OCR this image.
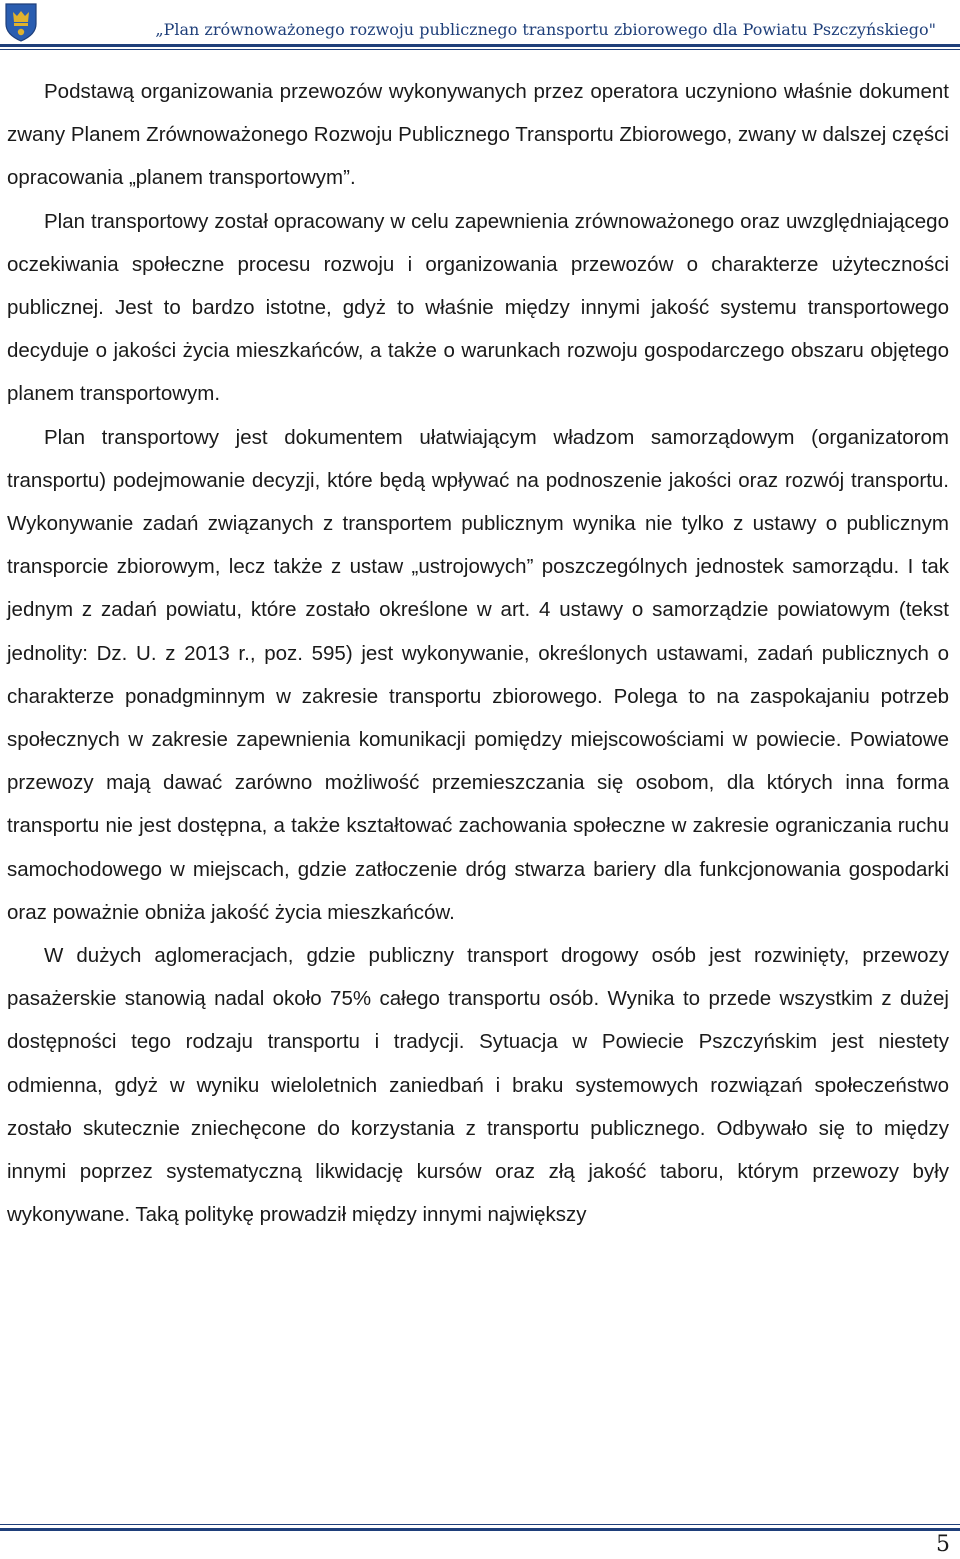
„Plan zrównoważonego rozwoju publicznego transportu zbiorowego dla Powiatu Pszczyńskiego"

Podstawą organizowania przewozów wykonywanych przez operatora uczyniono właśnie dokument zwany Planem Zrównoważonego Rozwoju Publicznego Transportu Zbiorowego, zwany w dalszej części opracowania „planem transportowym”.

Plan transportowy został opracowany w celu zapewnienia zrównoważonego oraz uwzględniającego oczekiwania społeczne procesu rozwoju i organizowania przewozów o charakterze użyteczności publicznej. Jest to bardzo istotne, gdyż to właśnie między innymi jakość systemu transportowego decyduje o jakości życia mieszkańców, a także o warunkach rozwoju gospodarczego obszaru objętego planem transportowym.

Plan transportowy jest dokumentem ułatwiającym władzom samorządowym (organizatorom transportu) podejmowanie decyzji, które będą wpływać na podnoszenie jakości oraz rozwój transportu. Wykonywanie zadań związanych z transportem publicznym wynika nie tylko z ustawy o publicznym transporcie zbiorowym, lecz także z ustaw „ustrojowych” poszczególnych jednostek samorządu. I tak jednym z zadań powiatu, które zostało określone w art. 4 ustawy o samorządzie powiatowym (tekst jednolity: Dz. U. z 2013 r., poz. 595) jest wykonywanie, określonych ustawami, zadań publicznych o charakterze ponadgminnym w zakresie transportu zbiorowego. Polega to na zaspokajaniu potrzeb społecznych w zakresie zapewnienia komunikacji pomiędzy miejscowościami w powiecie. Powiatowe przewozy mają dawać zarówno możliwość przemieszczania się osobom, dla których inna forma transportu nie jest dostępna, a także kształtować zachowania społeczne w zakresie ograniczania ruchu samochodowego w miejscach, gdzie zatłoczenie dróg stwarza bariery dla funkcjonowania gospodarki oraz poważnie obniża jakość życia mieszkańców.

W dużych aglomeracjach, gdzie publiczny transport drogowy osób jest rozwinięty, przewozy pasażerskie stanowią nadal około 75% całego transportu osób. Wynika to przede wszystkim z dużej dostępności tego rodzaju transportu i tradycji. Sytuacja w Powiecie Pszczyńskim jest niestety odmienna, gdyż w wyniku wieloletnich zaniedbań i braku systemowych rozwiązań społeczeństwo zostało skutecznie zniechęcone do korzystania z transportu publicznego. Odbywało się to między innymi poprzez systematyczną likwidację kursów oraz złą jakość taboru, którym przewozy były wykonywane. Taką politykę prowadził między innymi największy

5
